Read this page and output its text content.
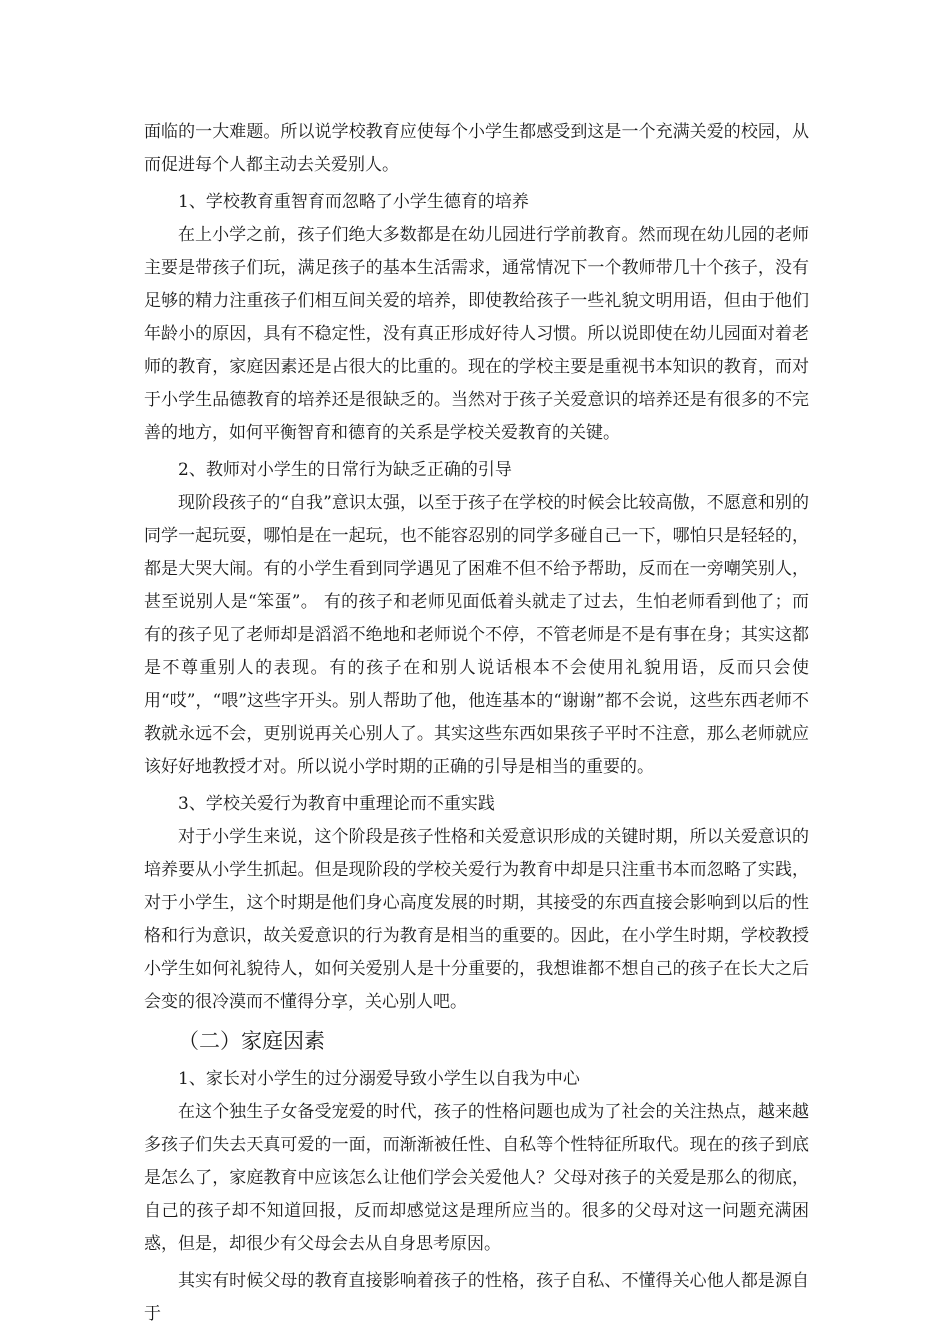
面临的一大难题。所以说学校教育应使每个小学生都感受到这是一个充满关爱的校园，从而促进每个人都主动去关爱别人。

1、学校教育重智育而忽略了小学生德育的培养

在上小学之前，孩子们绝大多数都是在幼儿园进行学前教育。然而现在幼儿园的老师主要是带孩子们玩，满足孩子的基本生活需求，通常情况下一个教师带几十个孩子，没有足够的精力注重孩子们相互间关爱的培养，即使教给孩子一些礼貌文明用语，但由于他们年龄小的原因，具有不稳定性，没有真正形成好待人习惯。所以说即使在幼儿园面对着老师的教育，家庭因素还是占很大的比重的。现在的学校主要是重视书本知识的教育，而对于小学生品德教育的培养还是很缺乏的。当然对于孩子关爱意识的培养还是有很多的不完善的地方，如何平衡智育和德育的关系是学校关爱教育的关键。

2、教师对小学生的日常行为缺乏正确的引导

现阶段孩子的“自我”意识太强，以至于孩子在学校的时候会比较高傲，不愿意和别的同学一起玩耍，哪怕是在一起玩，也不能容忍别的同学多碰自己一下，哪怕只是轻轻的，都是大哭大闹。有的小学生看到同学遇见了困难不但不给予帮助，反而在一旁嘲笑别人，甚至说别人是“笨蛋”。 有的孩子和老师见面低着头就走了过去，生怕老师看到他了；而有的孩子见了老师却是滔滔不绝地和老师说个不停，不管老师是不是有事在身；其实这都是不尊重别人的表现。有的孩子在和别人说话根本不会使用礼貌用语，反而只会使用“哎”，“喂”这些字开头。别人帮助了他，他连基本的“谢谢”都不会说，这些东西老师不教就永远不会，更别说再关心别人了。其实这些东西如果孩子平时不注意，那么老师就应该好好地教授才对。所以说小学时期的正确的引导是相当的重要的。

3、学校关爱行为教育中重理论而不重实践

对于小学生来说，这个阶段是孩子性格和关爱意识形成的关键时期，所以关爱意识的培养要从小学生抓起。但是现阶段的学校关爱行为教育中却是只注重书本而忽略了实践，对于小学生，这个时期是他们身心高度发展的时期，其接受的东西直接会影响到以后的性格和行为意识，故关爱意识的行为教育是相当的重要的。因此，在小学生时期，学校教授小学生如何礼貌待人，如何关爱别人是十分重要的，我想谁都不想自己的孩子在长大之后会变的很冷漠而不懂得分享，关心别人吧。

（二）家庭因素

1、家长对小学生的过分溺爱导致小学生以自我为中心

在这个独生子女备受宠爱的时代，孩子的性格问题也成为了社会的关注热点，越来越多孩子们失去天真可爱的一面，而渐渐被任性、自私等个性特征所取代。现在的孩子到底是怎么了，家庭教育中应该怎么让他们学会关爱他人？父母对孩子的关爱是那么的彻底，自己的孩子却不知道回报，反而却感觉这是理所应当的。很多的父母对这一问题充满困惑，但是，却很少有父母会去从自身思考原因。

其实有时候父母的教育直接影响着孩子的性格，孩子自私、不懂得关心他人都是源自于
